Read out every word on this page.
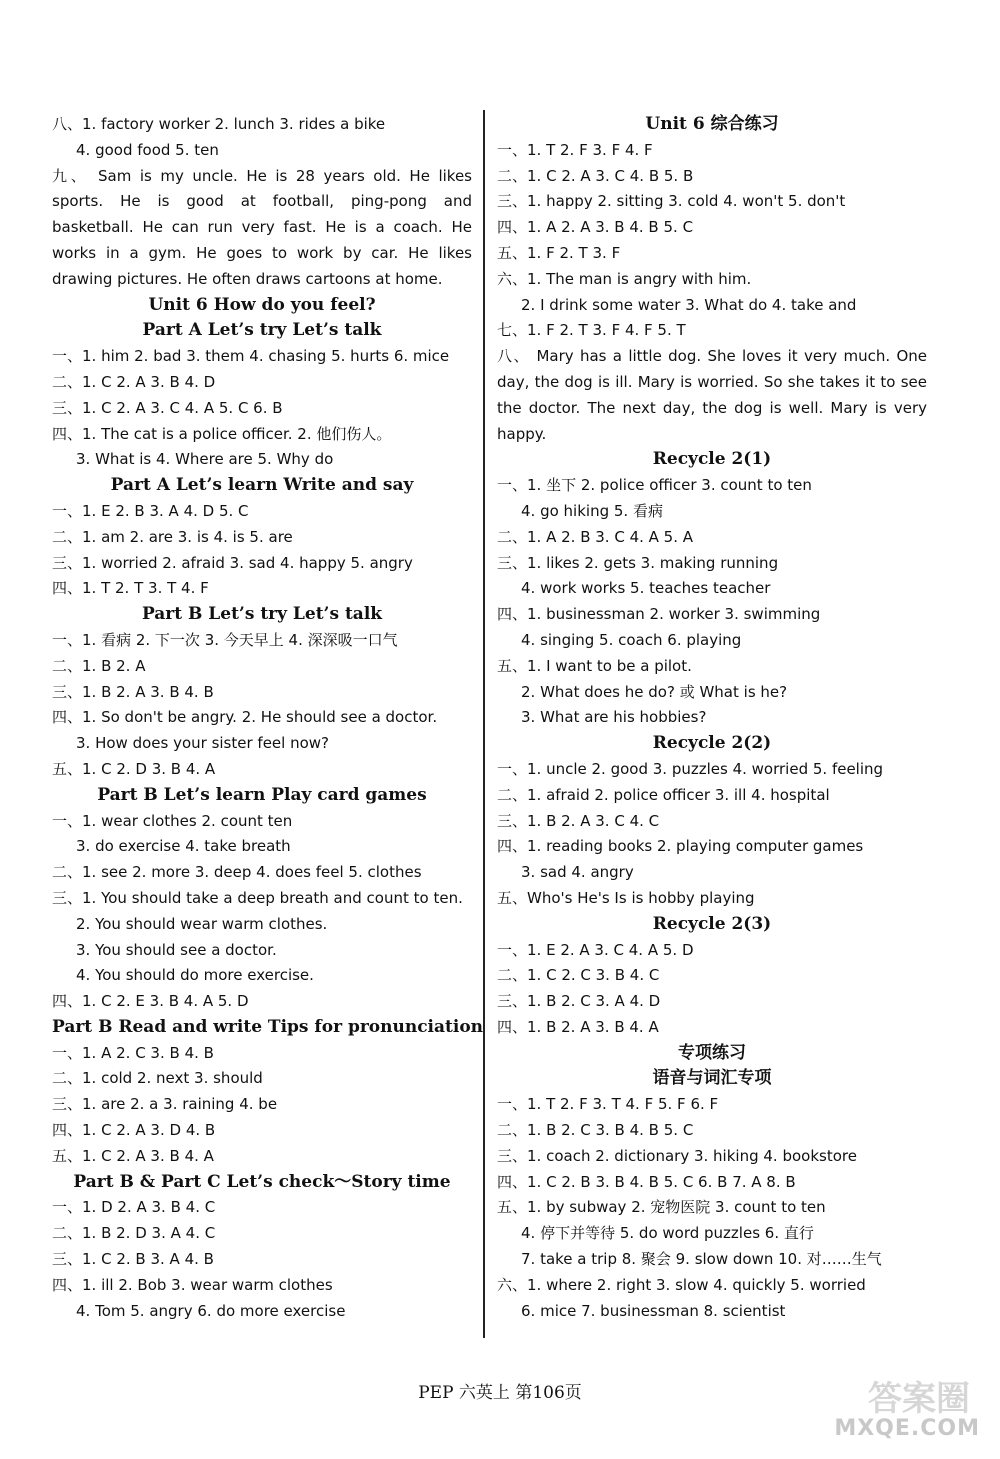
八、1. factory worker 2. lunch 3. rides a bike
4. good food 5. ten
九、 Sam is my uncle. He is 28 years old. He likes sports. He is good at football, ping-pong and basketball. He can run very fast. He is a coach. He works in a gym. He goes to work by car. He likes drawing pictures. He often draws cartoons at home.
Unit 6 How do you feel?
Part A Let’s try Let’s talk
一、1. him 2. bad 3. them 4. chasing 5. hurts 6. mice
二、1. C 2. A 3. B 4. D
三、1. C 2. A 3. C 4. A 5. C 6. B
四、1. The cat is a police officer. 2. 他们伤人。
3. What is 4. Where are 5. Why do
Part A Let’s learn Write and say
一、1. E 2. B 3. A 4. D 5. C
二、1. am 2. are 3. is 4. is 5. are
三、1. worried 2. afraid 3. sad 4. happy 5. angry
四、1. T 2. T 3. T 4. F
Part B Let’s try Let’s talk
一、1. 看病 2. 下一次 3. 今天早上 4. 深深吸一口气
二、1. B 2. A
三、1. B 2. A 3. B 4. B
四、1. So don't be angry. 2. He should see a doctor.
3. How does your sister feel now?
五、1. C 2. D 3. B 4. A
Part B Let’s learn Play card games
一、1. wear clothes 2. count ten
3. do exercise 4. take breath
二、1. see 2. more 3. deep 4. does feel 5. clothes
三、1. You should take a deep breath and count to ten.
2. You should wear warm clothes.
3. You should see a doctor.
4. You should do more exercise.
四、1. C 2. E 3. B 4. A 5. D
Part B Read and write Tips for pronunciation
一、1. A 2. C 3. B 4. B
二、1. cold 2. next 3. should
三、1. are 2. a 3. raining 4. be
四、1. C 2. A 3. D 4. B
五、1. C 2. A 3. B 4. A
Part B & Part C Let’s check～Story time
一、1. D 2. A 3. B 4. C
二、1. B 2. D 3. A 4. C
三、1. C 2. B 3. A 4. B
四、1. ill 2. Bob 3. wear warm clothes
4. Tom 5. angry 6. do more exercise
Unit 6 综合练习
一、1. T 2. F 3. F 4. F
二、1. C 2. A 3. C 4. B 5. B
三、1. happy 2. sitting 3. cold 4. won't 5. don't
四、1. A 2. A 3. B 4. B 5. C
五、1. F 2. T 3. F
六、1. The man is angry with him.
2. I drink some water 3. What do 4. take and
七、1. F 2. T 3. F 4. F 5. T
八、 Mary has a little dog. She loves it very much. One day, the dog is ill. Mary is worried. So she takes it to see the doctor. The next day, the dog is well. Mary is very happy.
Recycle 2(1)
一、1. 坐下 2. police officer 3. count to ten
4. go hiking 5. 看病
二、1. A 2. B 3. C 4. A 5. A
三、1. likes 2. gets 3. making running
4. work works 5. teaches teacher
四、1. businessman 2. worker 3. swimming
4. singing 5. coach 6. playing
五、1. I want to be a pilot.
2. What does he do? 或 What is he?
3. What are his hobbies?
Recycle 2(2)
一、1. uncle 2. good 3. puzzles 4. worried 5. feeling
二、1. afraid 2. police officer 3. ill 4. hospital
三、1. B 2. A 3. C 4. C
四、1. reading books 2. playing computer games
3. sad 4. angry
五、Who's He's Is is hobby playing
Recycle 2(3)
一、1. E 2. A 3. C 4. A 5. D
二、1. C 2. C 3. B 4. C
三、1. B 2. C 3. A 4. D
四、1. B 2. A 3. B 4. A
专项练习
语音与词汇专项
一、1. T 2. F 3. T 4. F 5. F 6. F
二、1. B 2. C 3. B 4. B 5. C
三、1. coach 2. dictionary 3. hiking 4. bookstore
四、1. C 2. B 3. B 4. B 5. C 6. B 7. A 8. B
五、1. by subway 2. 宠物医院 3. count to ten
4. 停下并等待 5. do word puzzles 6. 直行
7. take a trip 8. 聚会 9. slow down 10. 对……生气
六、1. where 2. right 3. slow 4. quickly 5. worried
6. mice 7. businessman 8. scientist
PEP 六英上 第106页	答案圈
MXQE.COM
